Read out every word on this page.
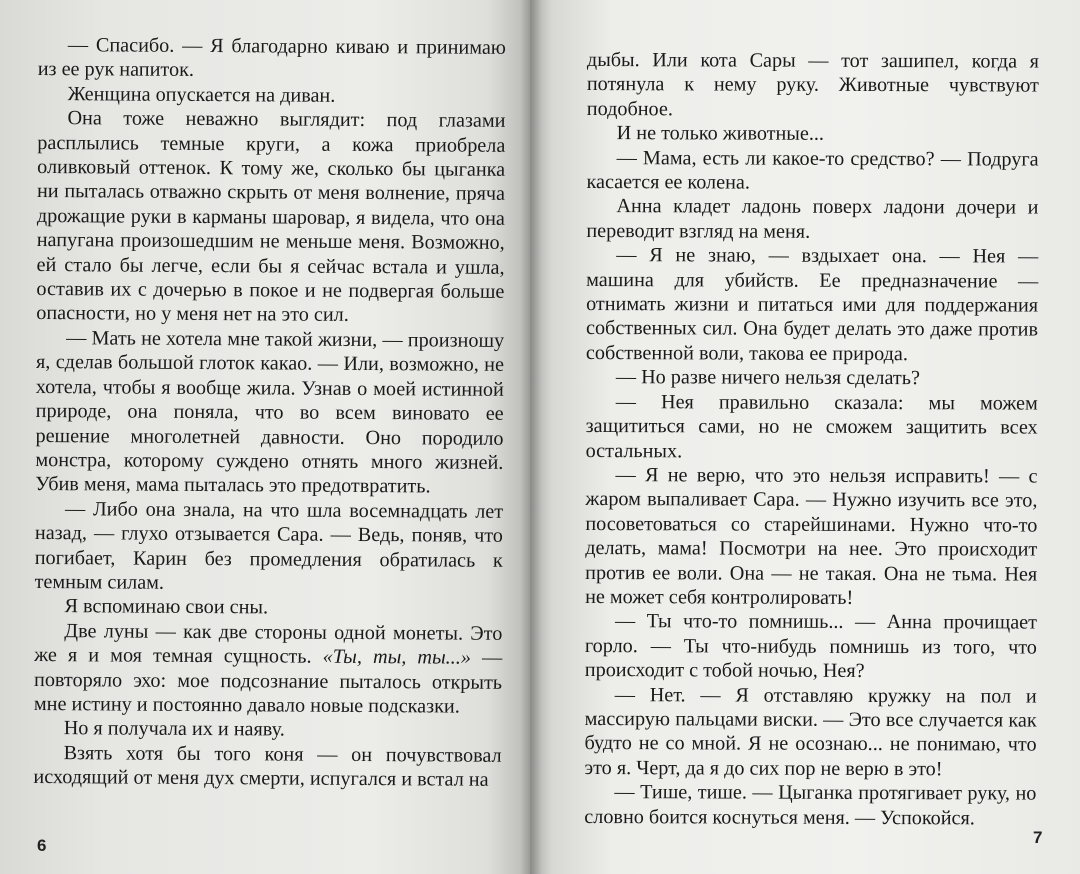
— Спасибо. — Я благодарно киваю и принимаю из ее рук напиток.

Женщина опускается на диван.

Она тоже неважно выглядит: под глазами расплылись темные круги, а кожа приобрела оливковый оттенок. К тому же, сколько бы цыганка ни пыталась отважно скрыть от меня волнение, пряча дрожащие руки в карманы шаровар, я видела, что она напугана произошедшим не меньше меня. Возможно, ей стало бы легче, если бы я сейчас встала и ушла, оставив их с дочерью в покое и не подвергая больше опасности, но у меня нет на это сил.

— Мать не хотела мне такой жизни, — произношу я, сделав большой глоток какао. — Или, возможно, не хотела, чтобы я вообще жила. Узнав о моей истинной природе, она поняла, что во всем виновато ее решение многолетней давности. Оно породило монстра, которому суждено отнять много жизней. Убив меня, мама пыталась это предотвратить.

— Либо она знала, на что шла восемнадцать лет назад, — глухо отзывается Сара. — Ведь, поняв, что погибает, Карин без промедления обратилась к темным силам.

Я вспоминаю свои сны.

Две луны — как две стороны одной монеты. Это же я и моя темная сущность. «Ты, ты, ты...» — повторяло эхо: мое подсознание пыталось открыть мне истину и постоянно давало новые подсказки.

Но я получала их и наяву.

Взять хотя бы того коня — он почувствовал исходящий от меня дух смерти, испугался и встал на

6

дыбы. Или кота Сары — тот зашипел, когда я потянула к нему руку. Животные чувствуют подобное.

И не только животные...

— Мама, есть ли какое-то средство? — Подруга касается ее колена.

Анна кладет ладонь поверх ладони дочери и переводит взгляд на меня.

— Я не знаю, — вздыхает она. — Нея — машина для убийств. Ее предназначение — отнимать жизни и питаться ими для поддержания собственных сил. Она будет делать это даже против собственной воли, такова ее природа.

— Но разве ничего нельзя сделать?

— Нея правильно сказала: мы можем защититься сами, но не сможем защитить всех остальных.

— Я не верю, что это нельзя исправить! — с жаром выпаливает Сара. — Нужно изучить все это, посоветоваться со старейшинами. Нужно что-то делать, мама! Посмотри на нее. Это происходит против ее воли. Она — не такая. Она не тьма. Нея не может себя контролировать!

— Ты что-то помнишь... — Анна прочищает горло. — Ты что-нибудь помнишь из того, что происходит с тобой ночью, Нея?

— Нет. — Я отставляю кружку на пол и массирую пальцами виски. — Это все случается как будто не со мной. Я не осознаю... не понимаю, что это я. Черт, да я до сих пор не верю в это!

— Тише, тише. — Цыганка протягивает руку, но словно боится коснуться меня. — Успокойся.

7
